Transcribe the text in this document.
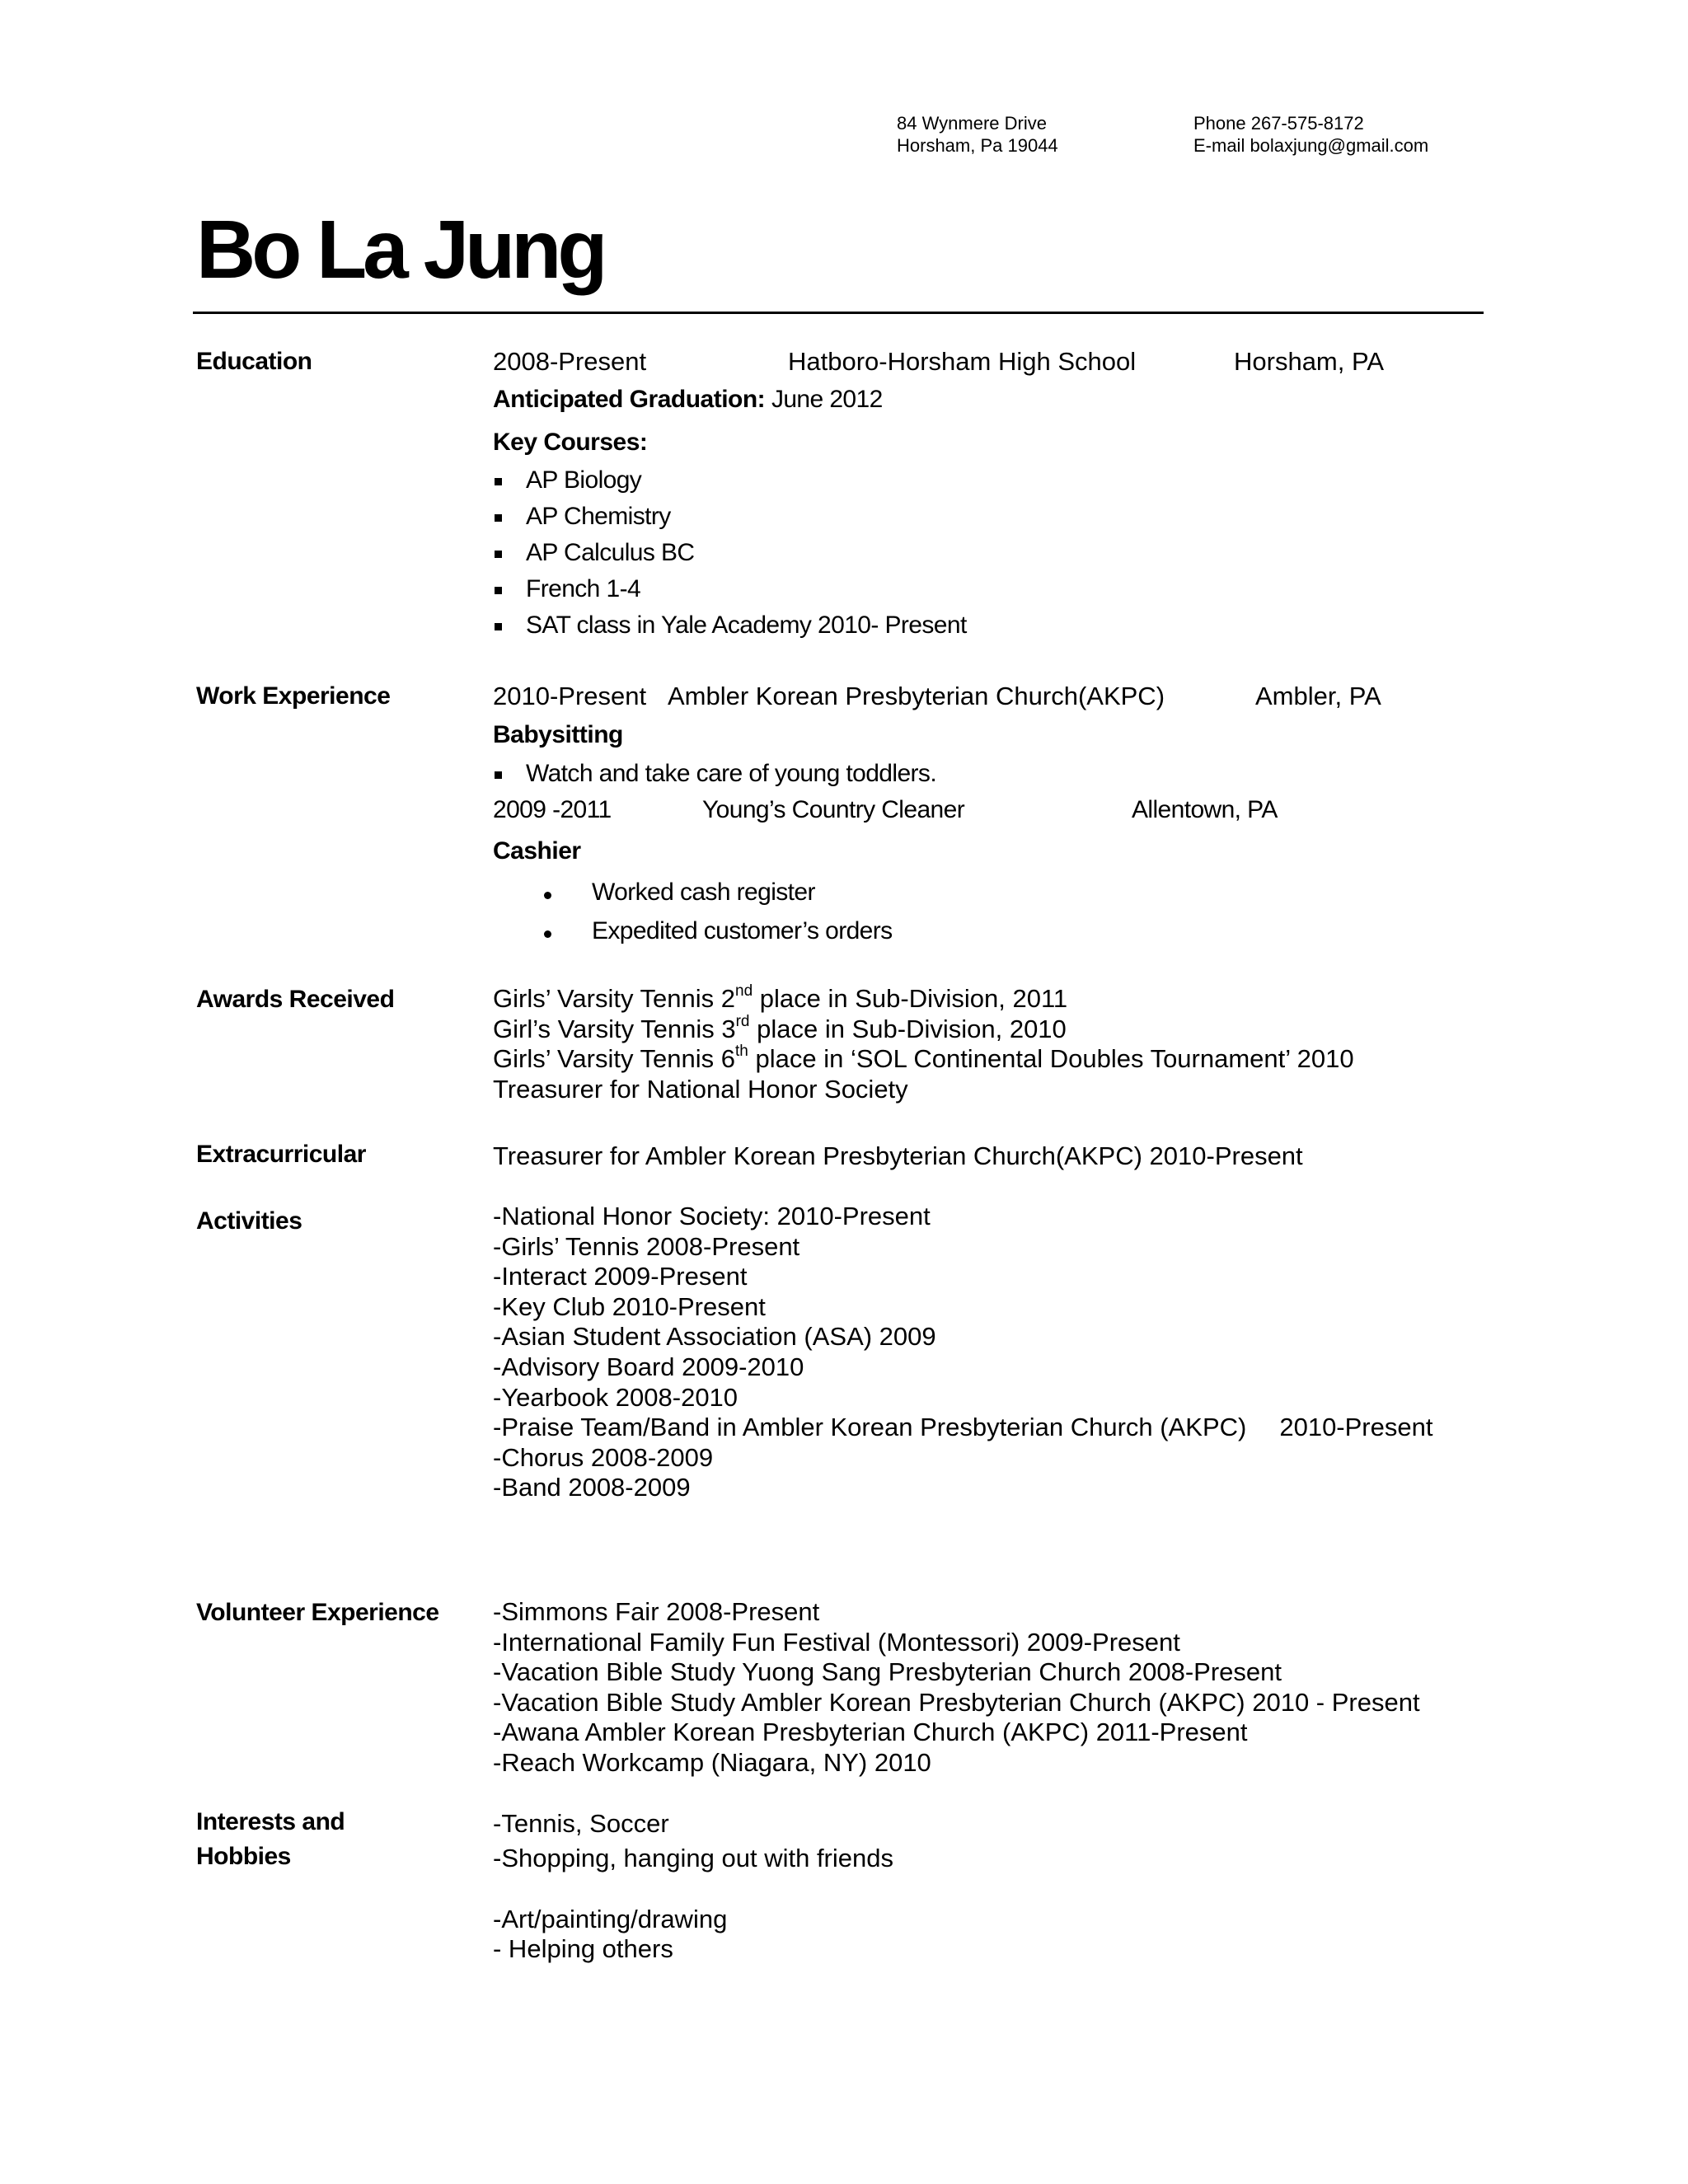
84 Wynmere Drive
Horsham, Pa 19044
Phone 267-575-8172
E-mail bolaxjung@gmail.com
Bo La Jung
Education	2008-Present	Hatboro-Horsham High School	Horsham, PA
Anticipated Graduation: June 2012
Key Courses:
AP Biology
AP Chemistry
AP Calculus BC
French 1-4
SAT class in Yale Academy 2010- Present
Work Experience	2010-Present Ambler Korean Presbyterian Church(AKPC)	Ambler, PA
Babysitting
Watch and take care of young toddlers.
2009 -2011	Young’s Country Cleaner	Allentown, PA
Cashier
Worked cash register
Expedited customer’s orders
Awards Received	Girls’ Varsity Tennis 2nd place in Sub-Division, 2011
Girl’s Varsity Tennis 3rd place in Sub-Division, 2010
Girls’ Varsity Tennis 6th place in ‘SOL Continental Doubles Tournament’ 2010
Treasurer for National Honor Society
Extracurricular	Treasurer for Ambler Korean Presbyterian Church(AKPC) 2010-Present
Activities	-National Honor Society: 2010-Present
-Girls’ Tennis 2008-Present
-Interact 2009-Present
-Key Club 2010-Present
-Asian Student Association (ASA) 2009
-Advisory Board 2009-2010
-Yearbook 2008-2010
-Praise Team/Band in Ambler Korean Presbyterian Church (AKPC) 2010-Present
-Chorus 2008-2009
-Band 2008-2009
Volunteer Experience -Simmons Fair 2008-Present
-International Family Fun Festival (Montessori) 2009-Present
-Vacation Bible Study Yuong Sang Presbyterian Church 2008-Present
-Vacation Bible Study Ambler Korean Presbyterian Church (AKPC) 2010 - Present
-Awana Ambler Korean Presbyterian Church (AKPC) 2011-Present
-Reach Workcamp (Niagara, NY) 2010
Interests and
Hobbies
-Tennis, Soccer
-Shopping, hanging out with friends
-Art/painting/drawing
- Helping others
